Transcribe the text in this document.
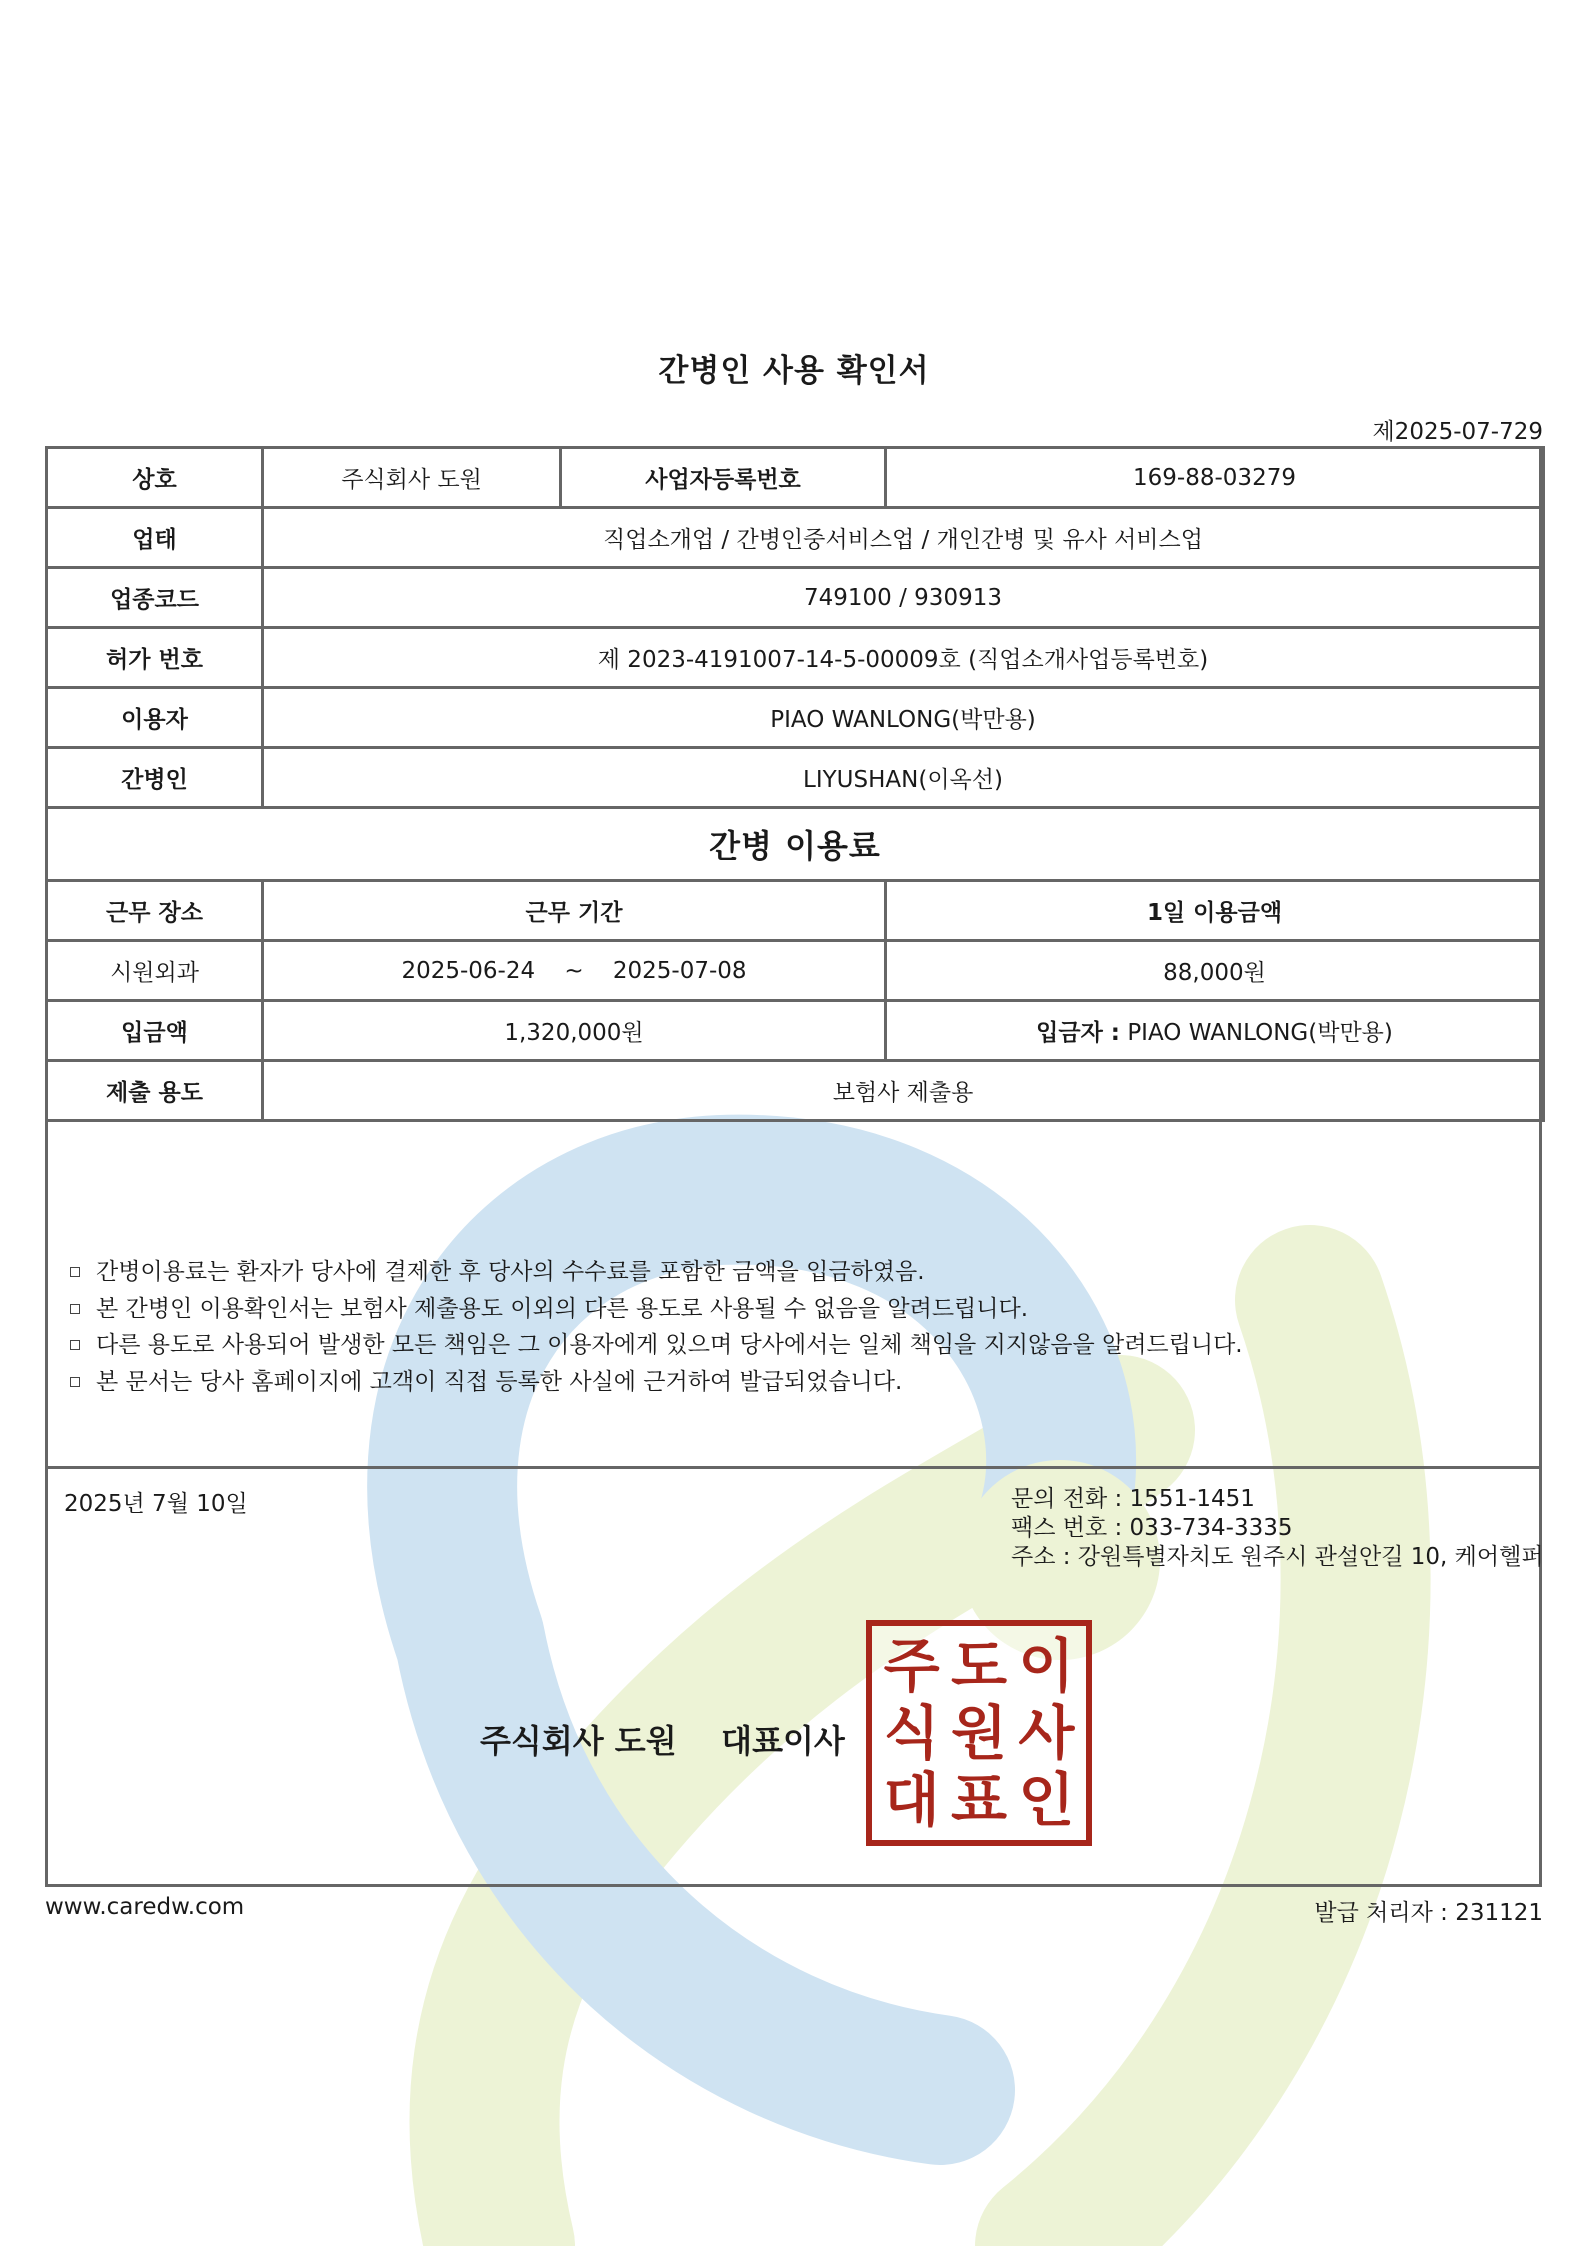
간병인 사용 확인서
제2025-07-729
상호	주식회사 도원	사업자등록번호	169-88-03279
업태	직업소개업 / 간병인중서비스업 / 개인간병 및 유사 서비스업		
업종코드	749100 / 930913		
허가 번호	제 2023-4191007-14-5-00009호 (직업소개사업등록번호)		
이용자	PIAO WANLONG(박만용)		
간병인	LIYUSHAN(이옥선)		
간병 이용료			
근무 장소	근무 기간		1일 이용금액
시원외과	2025-06-24    ~    2025-07-08		88,000원
입금액	1,320,000원		입금자 : PIAO WANLONG(박만용)
제출 용도	보험사 제출용		
간병이용료는 환자가 당사에 결제한 후 당사의 수수료를 포함한 금액을 입금하였음.
본 간병인 이용확인서는 보험사 제출용도 이외의 다른 용도로 사용될 수 없음을 알려드립니다.
다른 용도로 사용되어 발생한 모든 책임은 그 이용자에게 있으며 당사에서는 일체 책임을 지지않음을 알려드립니다.
본 문서는 당사 홈페이지에 고객이 직접 등록한 사실에 근거하여 발급되었습니다.
2025년 7월 10일	문의 전화 : 1551-1451
팩스 번호 : 033-734-3335
주소 : 강원특별자치도 원주시 관설안길 10, 케어헬퍼
주식회사 도원    대표이사
주 도 이
식 원 사
대 표 인
www.caredw.com	발급 처리자 : 231121
